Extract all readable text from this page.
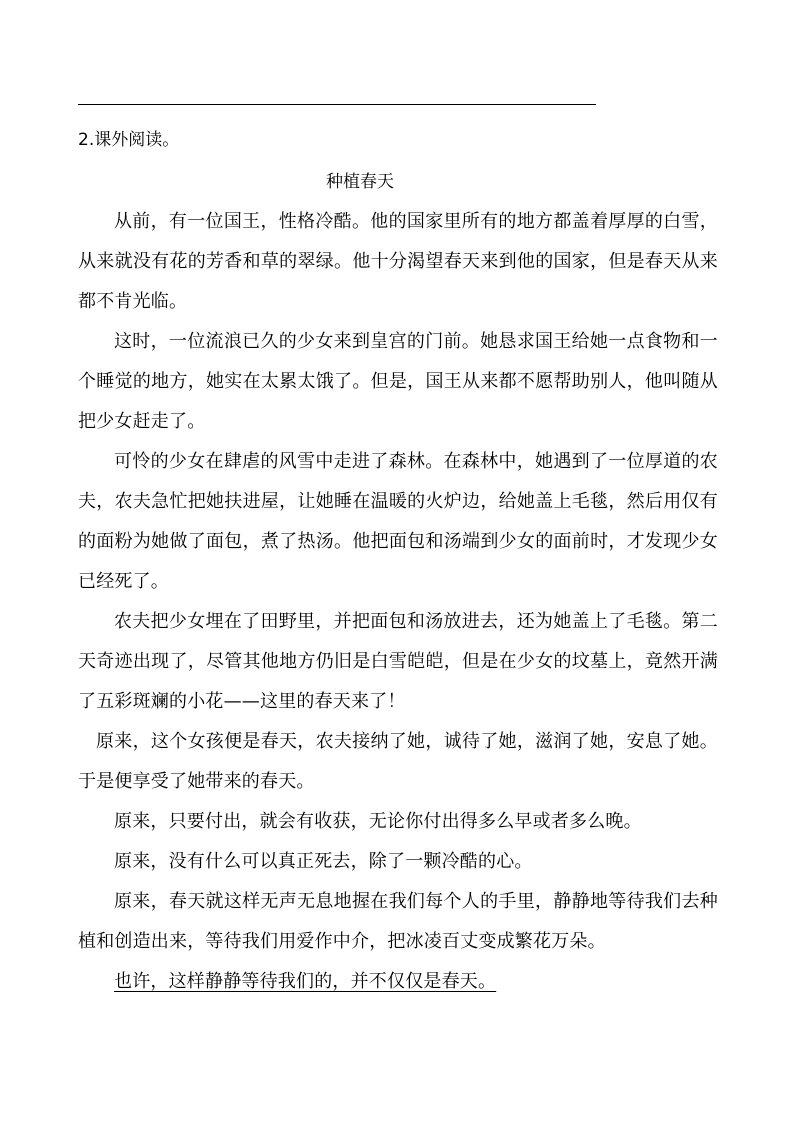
2.课外阅读。
种植春天

从前，有一位国王，性格冷酷。他的国家里所有的地方都盖着厚厚的白雪，从来就没有花的芳香和草的翠绿。他十分渴望春天来到他的国家，但是春天从来都不肯光临。

这时，一位流浪已久的少女来到皇宫的门前。她恳求国王给她一点食物和一个睡觉的地方，她实在太累太饿了。但是，国王从来都不愿帮助别人，他叫随从把少女赶走了。

可怜的少女在肆虐的风雪中走进了森林。在森林中，她遇到了一位厚道的农夫，农夫急忙把她扶进屋，让她睡在温暖的火炉边，给她盖上毛毯，然后用仅有的面粉为她做了面包，煮了热汤。他把面包和汤端到少女的面前时，才发现少女已经死了。

农夫把少女埋在了田野里，并把面包和汤放进去，还为她盖上了毛毯。第二天奇迹出现了，尽管其他地方仍旧是白雪皑皑，但是在少女的坟墓上，竟然开满了五彩斑斓的小花——这里的春天来了！

原来，这个女孩便是春天，农夫接纳了她，诚待了她，滋润了她，安息了她。于是便享受了她带来的春天。

原来，只要付出，就会有收获，无论你付出得多么早或者多么晚。

原来，没有什么可以真正死去，除了一颗冷酷的心。

原来，春天就这样无声无息地握在我们每个人的手里，静静地等待我们去种植和创造出来，等待我们用爱作中介，把冰凌百丈变成繁花万朵。

也许，这样静静等待我们的，并不仅仅是春天。
